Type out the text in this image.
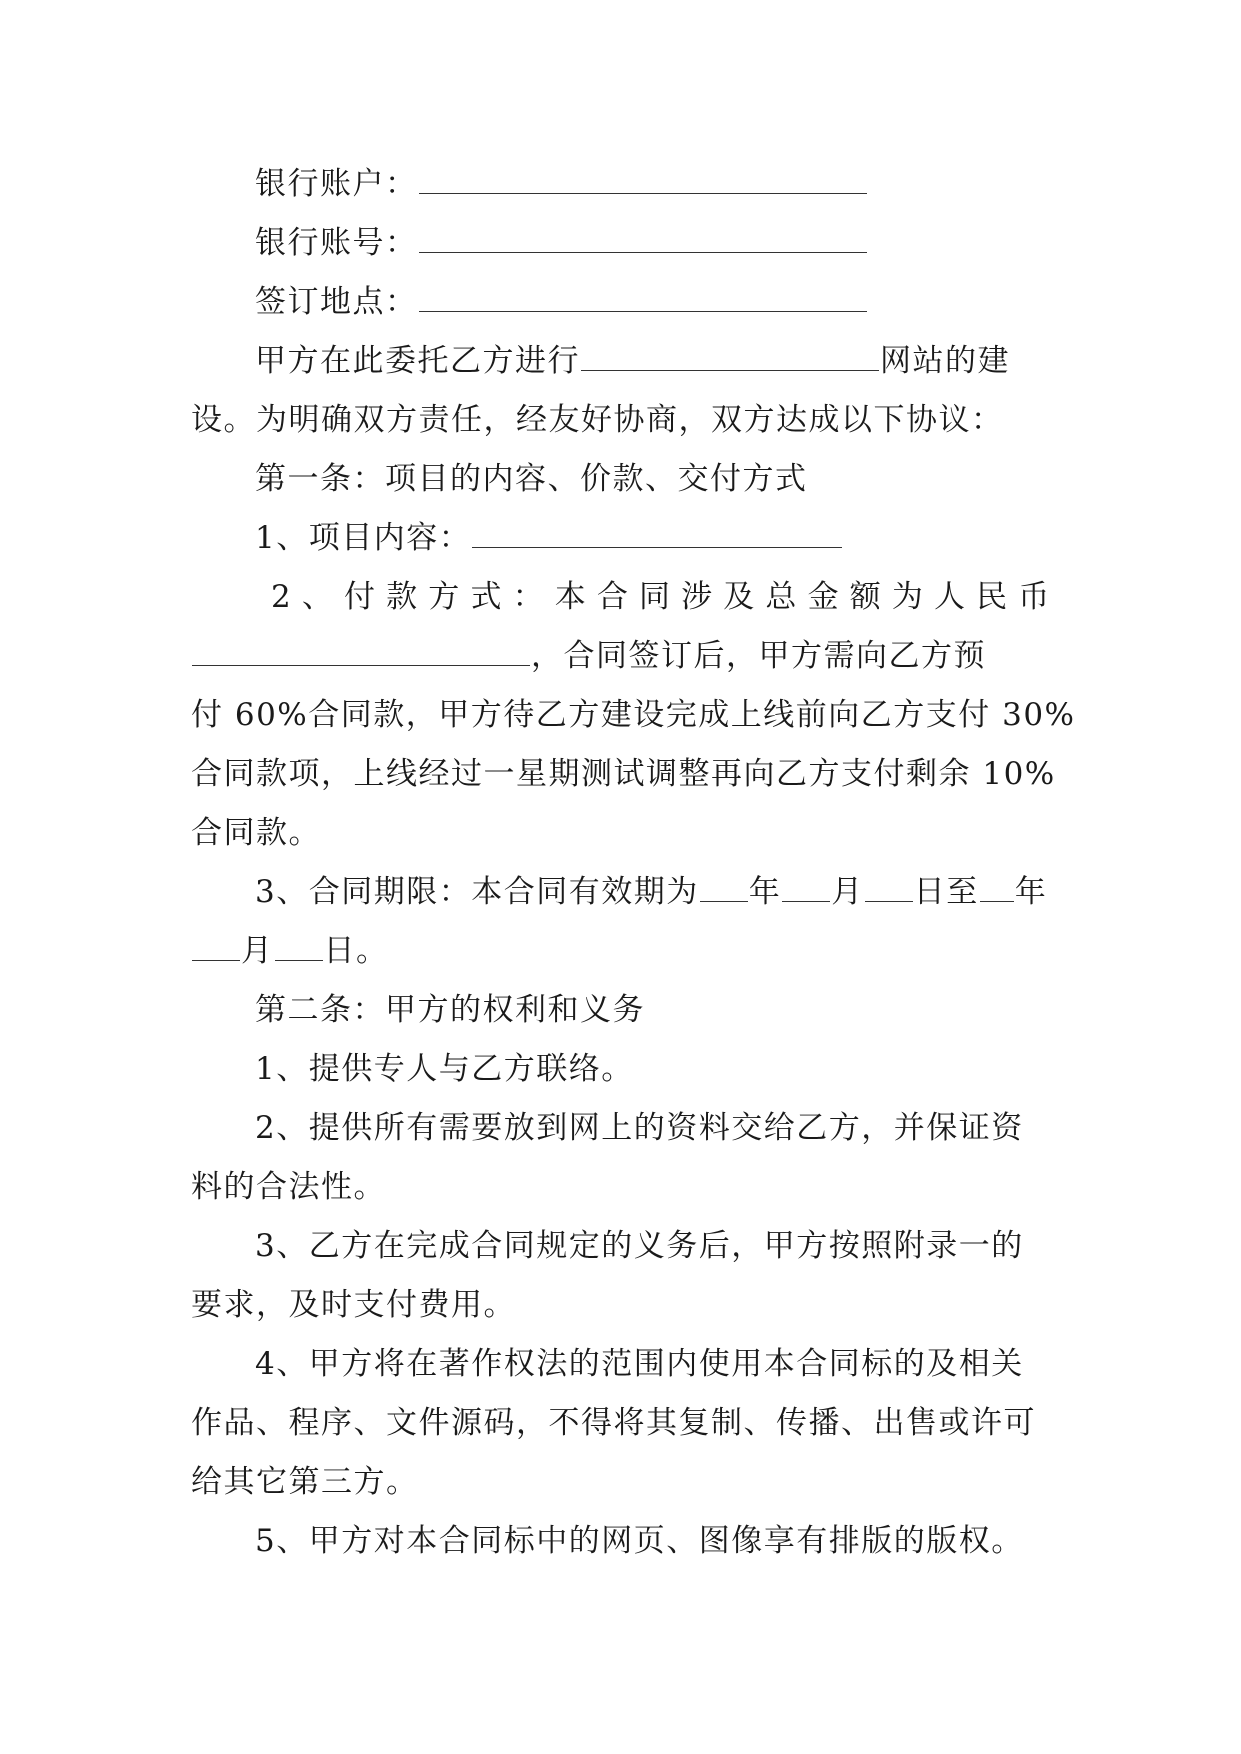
银行账户：

银行账号：

签订地点：

甲方在此委托乙方进行	网站的建

设。为明确双方责任，经友好协商，双方达成以下协议：

第一条：项目的内容、价款、交付方式

1、项目内容：

2 、 付 款 方 式 ： 本 合 同 涉 及 总 金 额 为 人 民 币

，合同签订后，甲方需向乙方预

付 60%合同款，甲方待乙方建设完成上线前向乙方支付 30%

合同款项，上线经过一星期测试调整再向乙方支付剩余 10%

合同款。

3、合同期限：本合同有效期为 年 月 日至 年

月 日。

第二条：甲方的权利和义务

1、提供专人与乙方联络。

2、提供所有需要放到网上的资料交给乙方，并保证资

料的合法性。

3、乙方在完成合同规定的义务后，甲方按照附录一的

要求，及时支付费用。

4、甲方将在著作权法的范围内使用本合同标的及相关

作品、程序、文件源码，不得将其复制、传播、出售或许可

给其它第三方。

5、甲方对本合同标中的网页、图像享有排版的版权。
